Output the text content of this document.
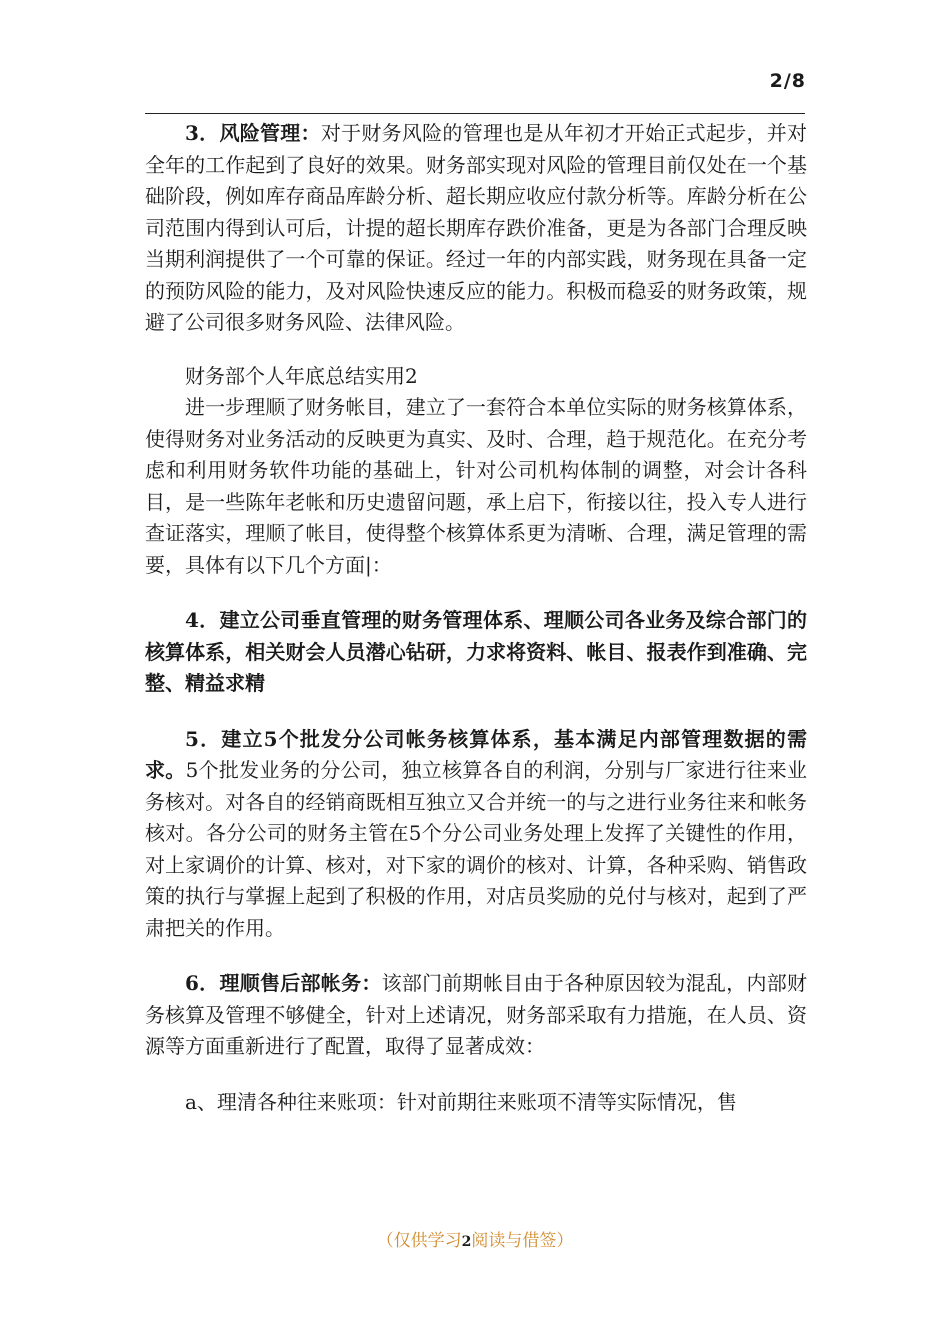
2/8

3．风险管理：对于财务风险的管理也是从年初才开始正式起步，并对全年的工作起到了良好的效果。财务部实现对风险的管理目前仅处在一个基础阶段，例如库存商品库龄分析、超长期应收应付款分析等。库龄分析在公司范围内得到认可后，计提的超长期库存跌价准备，更是为各部门合理反映当期利润提供了一个可靠的保证。经过一年的内部实践，财务现在具备一定的预防风险的能力，及对风险快速反应的能力。积极而稳妥的财务政策，规避了公司很多财务风险、法律风险。

财务部个人年底总结实用2

进一步理顺了财务帐目，建立了一套符合本单位实际的财务核算体系，使得财务对业务活动的反映更为真实、及时、合理，趋于规范化。在充分考虑和利用财务软件功能的基础上，针对公司机构体制的调整，对会计各科目，是一些陈年老帐和历史遗留问题，承上启下，衔接以往，投入专人进行查证落实，理顺了帐目，使得整个核算体系更为清晰、合理，满足管理的需要，具体有以下几个方面|：

4．建立公司垂直管理的财务管理体系、理顺公司各业务及综合部门的核算体系，相关财会人员潜心钻研，力求将资料、帐目、报表作到准确、完整、精益求精

5．建立5个批发分公司帐务核算体系，基本满足内部管理数据的需求。5个批发业务的分公司，独立核算各自的利润，分别与厂家进行往来业务核对。对各自的经销商既相互独立又合并统一的与之进行业务往来和帐务核对。各分公司的财务主管在5个分公司业务处理上发挥了关键性的作用，对上家调价的计算、核对，对下家的调价的核对、计算，各种采购、销售政策的执行与掌握上起到了积极的作用，对店员奖励的兑付与核对，起到了严肃把关的作用。

6．理顺售后部帐务：该部门前期帐目由于各种原因较为混乱，内部财务核算及管理不够健全，针对上述请况，财务部采取有力措施，在人员、资源等方面重新进行了配置，取得了显著成效：

a、理清各种往来账项：针对前期往来账项不清等实际情况，售

（仅供学习2阅读与借签）
